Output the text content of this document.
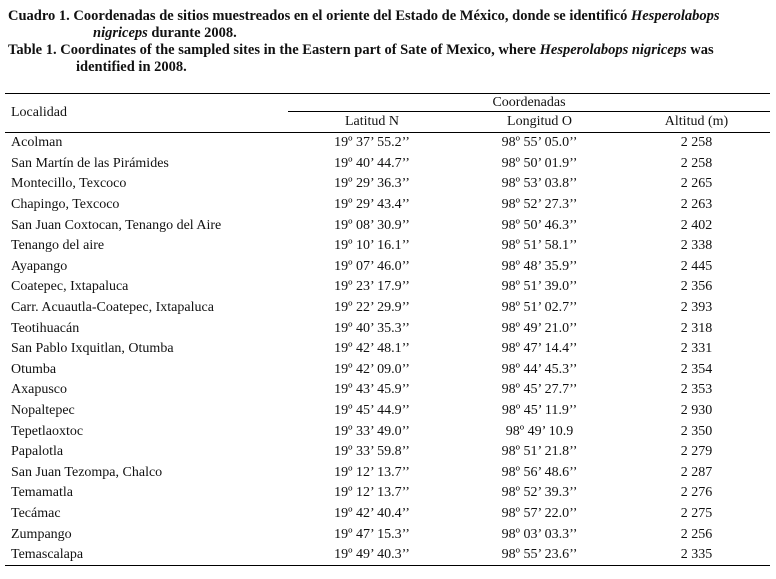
Cuadro 1. Coordenadas de sitios muestreados en el oriente del Estado de México, donde se identificó Hesperolabops
nigriceps durante 2008.
Table 1. Coordinates of the sampled sites in the Eastern part of Sate of Mexico, where Hesperolabops nigriceps was
identified in 2008.

Localidad	Coordenadas		
	Latitud N	Longitud O	Altitud (m)

Acolman	19º 37’ 55.2’’	98º 55’ 05.0’’	2 258
San Martín de las Pirámides	19º 40’ 44.7’’	98º 50’ 01.9’’	2 258
Montecillo, Texcoco	19º 29’ 36.3’’	98º 53’ 03.8’’	2 265
Chapingo, Texcoco	19º 29’ 43.4’’	98º 52’ 27.3’’	2 263
San Juan Coxtocan, Tenango del Aire	19º 08’ 30.9’’	98º 50’ 46.3’’	2 402
Tenango del aire	19º 10’ 16.1’’	98º 51’ 58.1’’	2 338
Ayapango	19º 07’ 46.0’’	98º 48’ 35.9’’	2 445
Coatepec, Ixtapaluca	19º 23’ 17.9’’	98º 51’ 39.0’’	2 356
Carr. Acuautla-Coatepec, Ixtapaluca	19º 22’ 29.9’’	98º 51’ 02.7’’	2 393
Teotihuacán	19º 40’ 35.3’’	98º 49’ 21.0’’	2 318
San Pablo Ixquitlan, Otumba	19º 42’ 48.1’’	98º 47’ 14.4’’	2 331
Otumba	19º 42’ 09.0’’	98º 44’ 45.3’’	2 354
Axapusco	19º 43’ 45.9’’	98º 45’ 27.7’’	2 353
Nopaltepec	19º 45’ 44.9’’	98º 45’ 11.9’’	2 930
Tepetlaoxtoc	19º 33’ 49.0’’	98º 49’ 10.9	2 350
Papalotla	19º 33’ 59.8’’	98º 51’ 21.8’’	2 279
San Juan Tezompa, Chalco	19º 12’ 13.7’’	98º 56’ 48.6’’	2 287
Temamatla	19º 12’ 13.7’’	98º 52’ 39.3’’	2 276
Tecámac	19º 42’ 40.4’’	98º 57’ 22.0’’	2 275
Zumpango	19º 47’ 15.3’’	98º 03’ 03.3’’	2 256
Temascalapa	19º 49’ 40.3’’	98º 55’ 23.6’’	2 335
